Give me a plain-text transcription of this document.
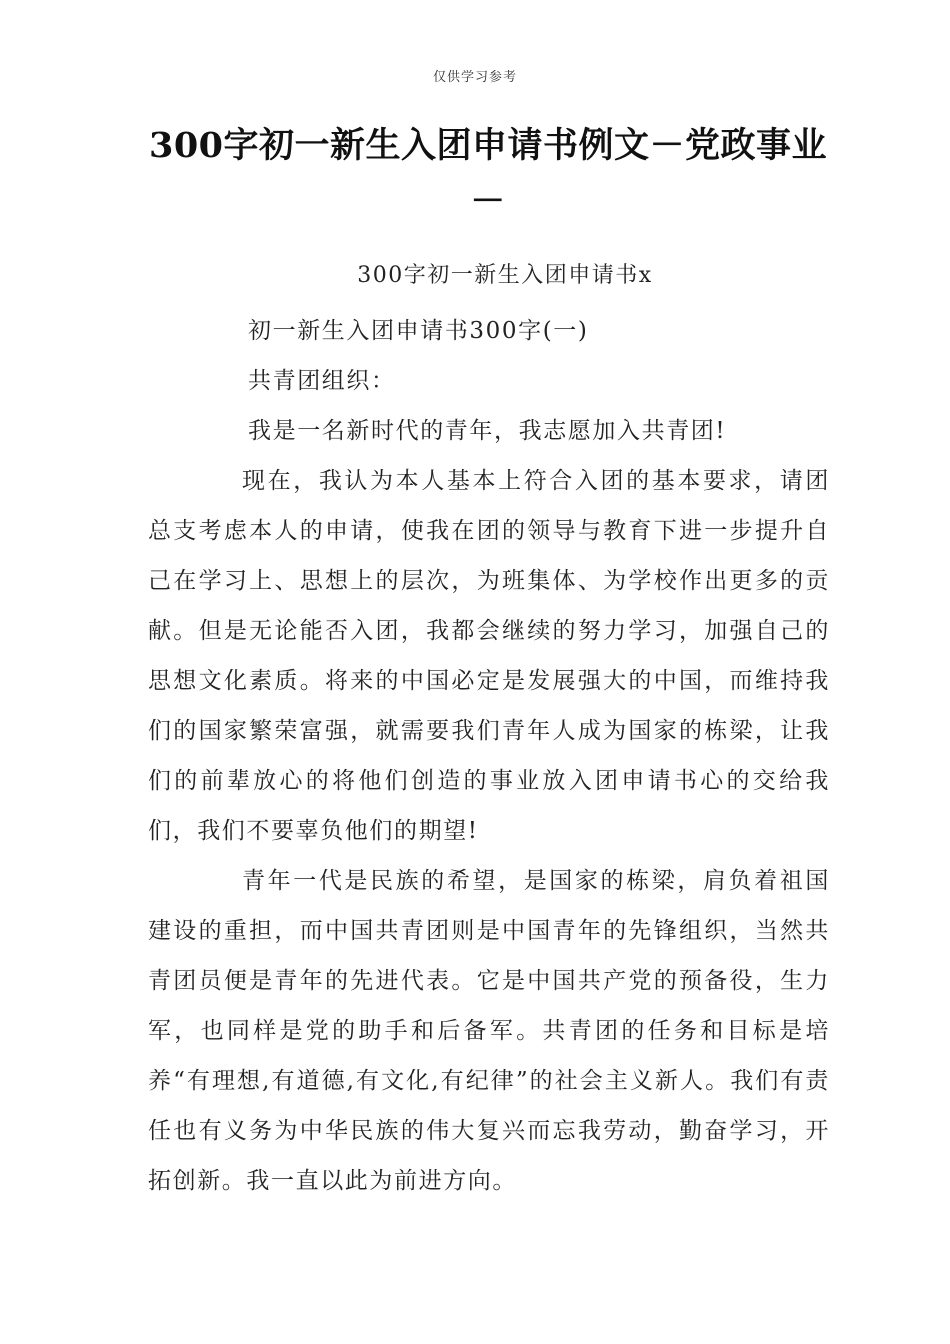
仅供学习参考
300字初一新生入团申请书例文－党政事业
－
300字初一新生入团申请书x

初一新生入团申请书300字(一)

共青团组织：

我是一名新时代的青年，我志愿加入共青团!

现在，我认为本人基本上符合入团的基本要求，请团总支考虑本人的申请，使我在团的领导与教育下进一步提升自己在学习上、思想上的层次，为班集体、为学校作出更多的贡献。但是无论能否入团，我都会继续的努力学习，加强自己的思想文化素质。将来的中国必定是发展强大的中国，而维持我们的国家繁荣富强，就需要我们青年人成为国家的栋梁，让我们的前辈放心的将他们创造的事业放入团申请书心的交给我们，我们不要辜负他们的期望!

青年一代是民族的希望，是国家的栋梁，肩负着祖国建设的重担，而中国共青团则是中国青年的先锋组织，当然共青团员便是青年的先进代表。它是中国共产党的预备役，生力军，也同样是党的助手和后备军。共青团的任务和目标是培养“有理想,有道德,有文化,有纪律”的社会主义新人。我们有责任也有义务为中华民族的伟大复兴而忘我劳动，勤奋学习，开拓创新。我一直以此为前进方向。
